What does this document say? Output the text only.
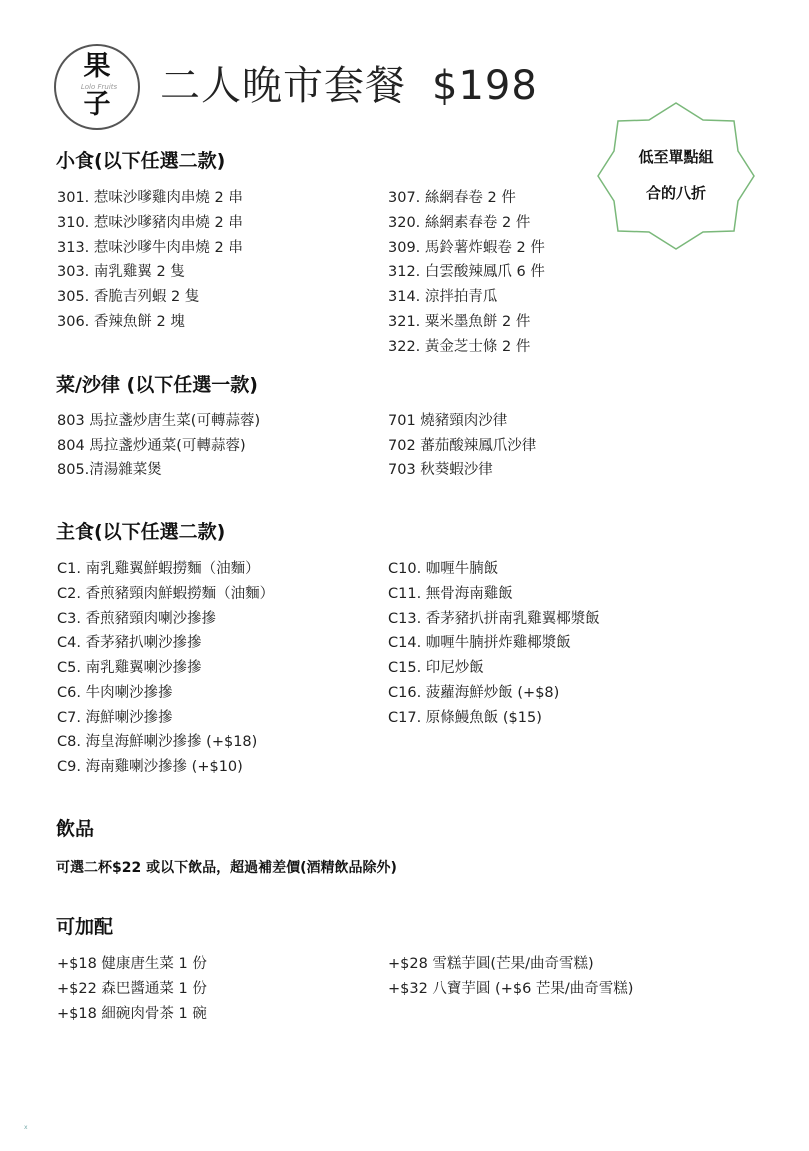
果
Lolo Fruits
子	二人晚市套餐 $198
低至單點組
合的八折
小食(以下任選二款)
301. 惹味沙嗲雞肉串燒 2 串
310. 惹味沙嗲豬肉串燒 2 串
313. 惹味沙嗲牛肉串燒 2 串
303. 南乳雞翼 2 隻
305. 香脆吉列蝦 2 隻
306. 香辣魚餅 2 塊
307. 絲網春卷 2 件
320. 絲網素春卷 2 件
309. 馬鈴薯炸蝦卷 2 件
312. 白雲酸辣鳳爪 6 件
314. 涼拌拍青瓜
321. 粟米墨魚餅 2 件
322. 黃金芝士條 2 件
菜/沙律 (以下任選一款)
803 馬拉盞炒唐生菜(可轉蒜蓉)
804 馬拉盞炒通菜(可轉蒜蓉)
805.清湯雜菜煲
701 燒豬頸肉沙律
702 蕃茄酸辣鳳爪沙律
703 秋葵蝦沙律
主食(以下任選二款)
C1. 南乳雞翼鮮蝦撈麵（油麵）
C2. 香煎豬頸肉鮮蝦撈麵（油麵）
C3. 香煎豬頸肉喇沙摻摻
C4. 香茅豬扒喇沙摻摻
C5. 南乳雞翼喇沙摻摻
C6. 牛肉喇沙摻摻
C7. 海鮮喇沙摻摻
C8. 海皇海鮮喇沙摻摻 (+$18)
C9. 海南雞喇沙摻摻 (+$10)
C10. 咖喱牛腩飯
C11. 無骨海南雞飯
C13. 香茅豬扒拼南乳雞翼椰漿飯
C14. 咖喱牛腩拼炸雞椰漿飯
C15. 印尼炒飯
C16. 菠蘿海鮮炒飯 (+$8)
C17. 原條鰻魚飯 ($15)
飲品
可選二杯$22 或以下飲品，超過補差價(酒精飲品除外)
可加配
+$18 健康唐生菜 1 份
+$22 森巴醬通菜 1 份
+$18 細碗肉骨茶 1 碗
+$28 雪糕芋圓(芒果/曲奇雪糕)
+$32 八寶芋圓 (+$6 芒果/曲奇雪糕)
x
